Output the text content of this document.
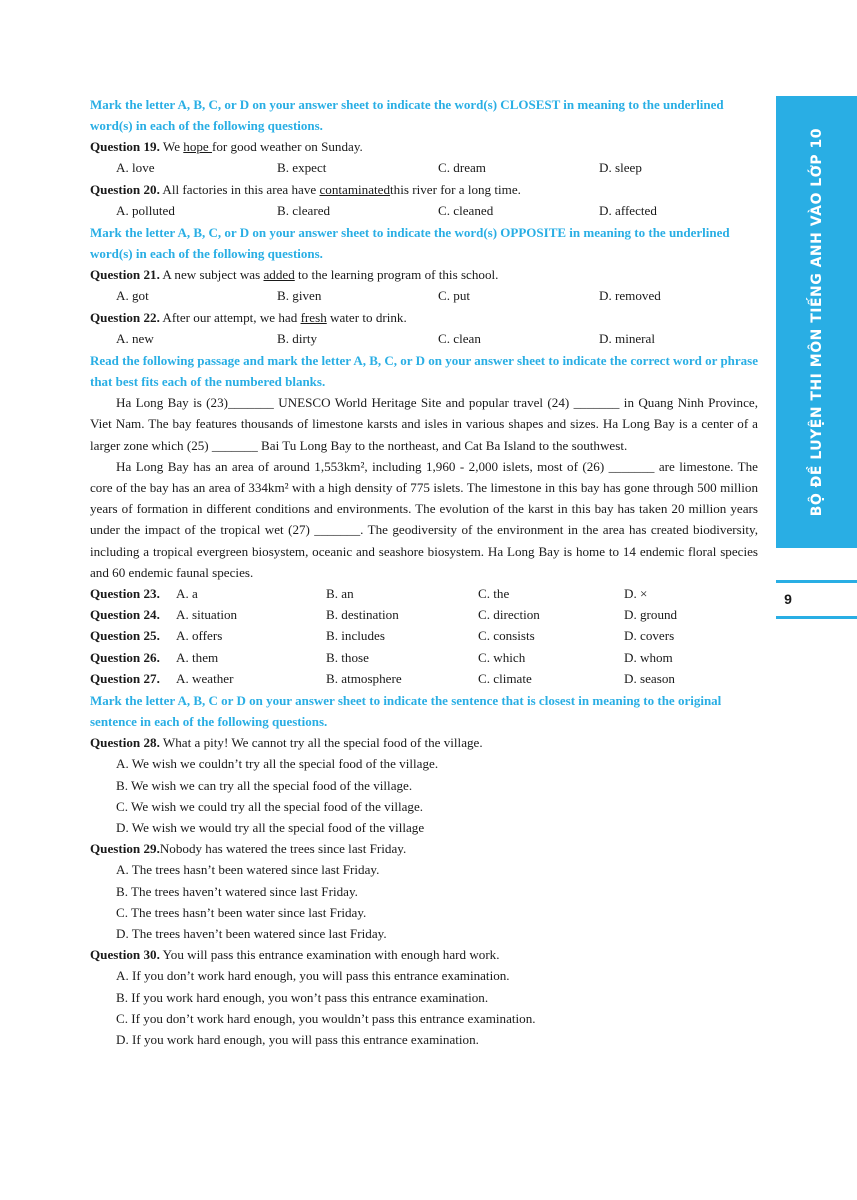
BỘ ĐỀ LUYỆN THI MÔN TIẾNG ANH VÀO LỚP 10
9
Mark the letter A, B, C, or D on your answer sheet to indicate the word(s) CLOSEST in meaning to the underlined word(s) in each of the following questions.
Question 19. We hope for good weather on Sunday.
A. love	B. expect	C. dream	D. sleep
Question 20. All factories in this area have contaminatedthis river for a long time.
A. polluted	B. cleared	C. cleaned	D. affected
Mark the letter A, B, C, or D on your answer sheet to indicate the word(s) OPPOSITE in meaning to the underlined word(s) in each of the following questions.
Question 21. A new subject was added to the learning program of this school.
A. got	B. given	C. put	D. removed
Question 22. After our attempt, we had fresh water to drink.
A. new	B. dirty	C. clean	D. mineral
Read the following passage and mark the letter A, B, C, or D on your answer sheet to indicate the correct word or phrase that best fits each of the numbered blanks.
Ha Long Bay is (23)_______ UNESCO World Heritage Site and popular travel (24) _______ in Quang Ninh Province, Viet Nam. The bay features thousands of limestone karsts and isles in various shapes and sizes. Ha Long Bay is a center of a larger zone which (25) _______ Bai Tu Long Bay to the northeast, and Cat Ba Island to the southwest.
Ha Long Bay has an area of around 1,553km², including 1,960 - 2,000 islets, most of (26) _______ are limestone. The core of the bay has an area of 334km² with a high density of 775 islets. The limestone in this bay has gone through 500 million years of formation in different conditions and environments. The evolution of the karst in this bay has taken 20 million years under the impact of the tropical wet (27) _______. The geodiversity of the environment in the area has created biodiversity, including a tropical evergreen biosystem, oceanic and seashore biosystem. Ha Long Bay is home to 14 endemic floral species and 60 endemic faunal species.
Question 23.	A. a	B. an	C. the	D. ×
Question 24.	A. situation	B. destination	C. direction	D. ground
Question 25.	A. offers	B. includes	C. consists	D. covers
Question 26.	A. them	B. those	C. which	D. whom
Question 27.	A. weather	B. atmosphere	C. climate	D. season
Mark the letter A, B, C or D on your answer sheet to indicate the sentence that is closest in meaning to the original sentence in each of the following questions.
Question 28. What a pity! We cannot try all the special food of the village.
A. We wish we couldn’t try all the special food of the village.
B. We wish we can try all the special food of the village.
C. We wish we could try all the special food of the village.
D. We wish we would try all the special food of the village
Question 29.Nobody has watered the trees since last Friday.
A. The trees hasn’t been watered since last Friday.
B. The trees haven’t watered since last Friday.
C. The trees hasn’t been water since last Friday.
D. The trees haven’t been watered since last Friday.
Question 30. You will pass this entrance examination with enough hard work.
A. If you don’t work hard enough, you will pass this entrance examination.
B. If you work hard enough, you won’t pass this entrance examination.
C. If you don’t work hard enough, you wouldn’t pass this entrance examination.
D. If you work hard enough, you will pass this entrance examination.
